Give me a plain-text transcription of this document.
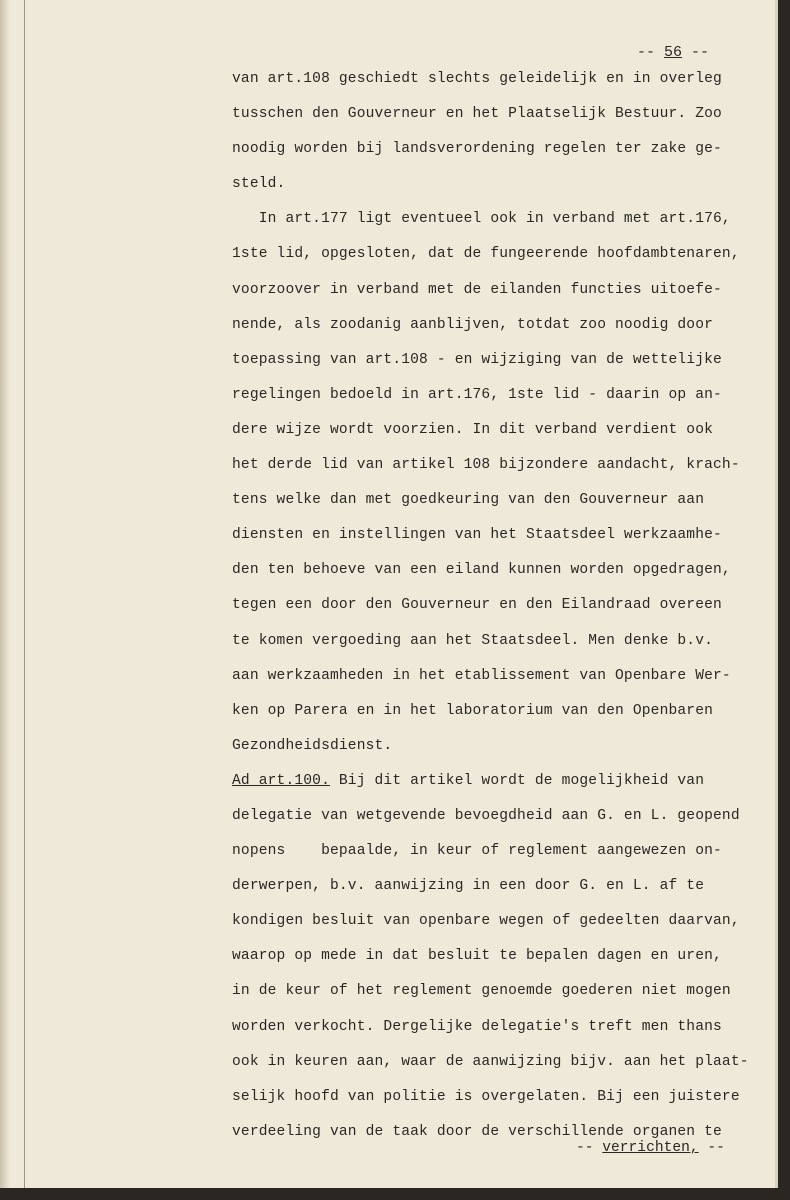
-- 56 --
van art.108 geschiedt slechts geleidelijk en in overleg
tusschen den Gouverneur en het Plaatselijk Bestuur. Zoo
noodig worden bij landsverordening regelen ter zake ge-
steld.
In art.177 ligt eventueel ook in verband met art.176,
1ste lid, opgesloten, dat de fungeerende hoofdambtenaren,
voorzoover in verband met de eilanden functies uitoefe-
nende, als zoodanig aanblijven, totdat zoo noodig door
toepassing van art.108 - en wijziging van de wettelijke
regelingen bedoeld in art.176, 1ste lid - daarin op an-
dere wijze wordt voorzien. In dit verband verdient ook
het derde lid van artikel 108 bijzondere aandacht, krach-
tens welke dan met goedkeuring van den Gouverneur aan
diensten en instellingen van het Staatsdeel werkzaamhe-
den ten behoeve van een eiland kunnen worden opgedragen,
tegen een door den Gouverneur en den Eilandraad overeen
te komen vergoeding aan het Staatsdeel. Men denke b.v.
aan werkzaamheden in het etablissement van Openbare Wer-
ken op Parera en in het laboratorium van den Openbaren
Gezondheidsdienst.
Ad art.100. Bij dit artikel wordt de mogelijkheid van
delegatie van wetgevende bevoegdheid aan G. en L. geopend
nopens    bepaalde, in keur of reglement aangewezen on-
derwerpen, b.v. aanwijzing in een door G. en L. af te
kondigen besluit van openbare wegen of gedeelten daarvan,
waarop op mede in dat besluit te bepalen dagen en uren,
in de keur of het reglement genoemde goederen niet mogen
worden verkocht. Dergelijke delegatie's treft men thans
ook in keuren aan, waar de aanwijzing bijv. aan het plaat-
selijk hoofd van politie is overgelaten. Bij een juistere
verdeeling van de taak door de verschillende organen te
-- verrichten, --
